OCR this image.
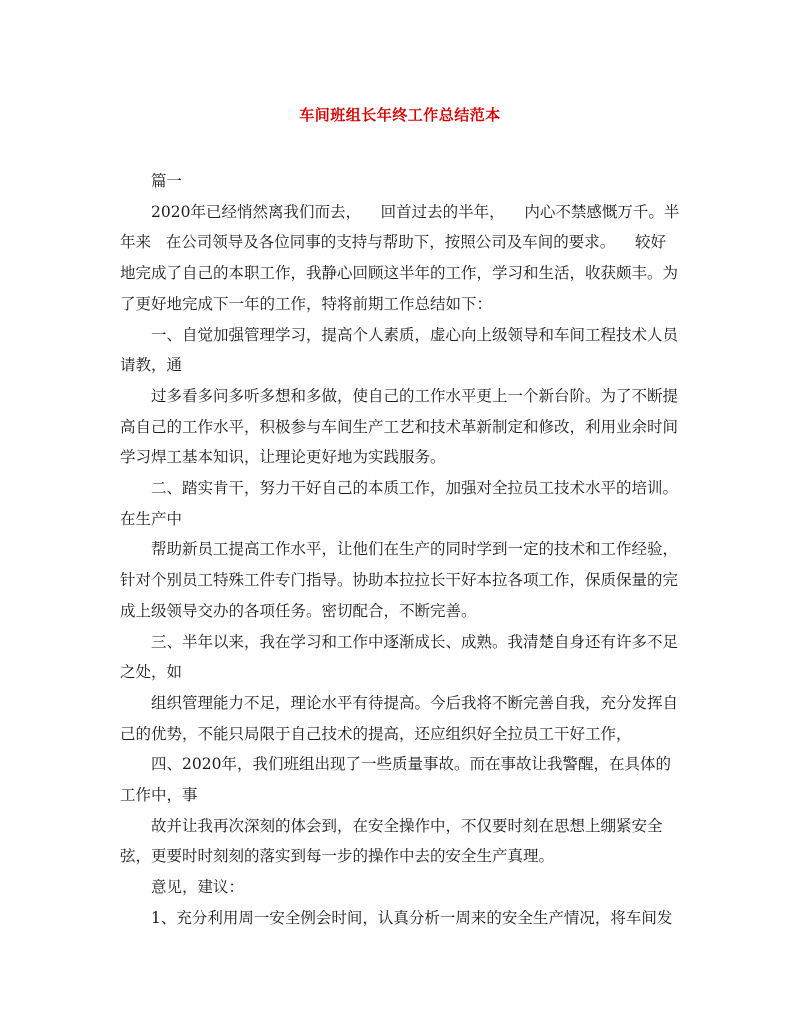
车间班组长年终工作总结范本

篇一

2020年已经悄然离我们而去，    回首过去的半年，    内心不禁感慨万千。半年来   在公司领导及各位同事的支持与帮助下，按照公司及车间的要求。    较好地完成了自己的本职工作，我静心回顾这半年的工作，学习和生活，收获颇丰。为了更好地完成下一年的工作，特将前期工作总结如下：

一、自觉加强管理学习，提高个人素质，虚心向上级领导和车间工程技术人员请教，通

过多看多问多听多想和多做，使自己的工作水平更上一个新台阶。为了不断提高自己的工作水平，积极参与车间生产工艺和技术革新制定和修改，利用业余时间学习焊工基本知识，让理论更好地为实践服务。

二、踏实肯干，努力干好自己的本质工作，加强对全拉员工技术水平的培训。在生产中

帮助新员工提高工作水平，让他们在生产的同时学到一定的技术和工作经验，针对个别员工特殊工件专门指导。协助本拉拉长干好本拉各项工作，保质保量的完成上级领导交办的各项任务。密切配合，不断完善。

三、半年以来，我在学习和工作中逐渐成长、成熟。我清楚自身还有许多不足之处，如

组织管理能力不足，理论水平有待提高。今后我将不断完善自我，充分发挥自己的优势，不能只局限于自己技术的提高，还应组织好全拉员工干好工作，

四、2020年，我们班组出现了一些质量事故。而在事故让我警醒，在具体的工作中，事

故并让我再次深刻的体会到，在安全操作中，不仅要时刻在思想上绷紧安全弦，更要时时刻刻的落实到每一步的操作中去的安全生产真理。

意见，建议：

1、充分利用周一安全例会时间，认真分析一周来的安全生产情况，将车间发
